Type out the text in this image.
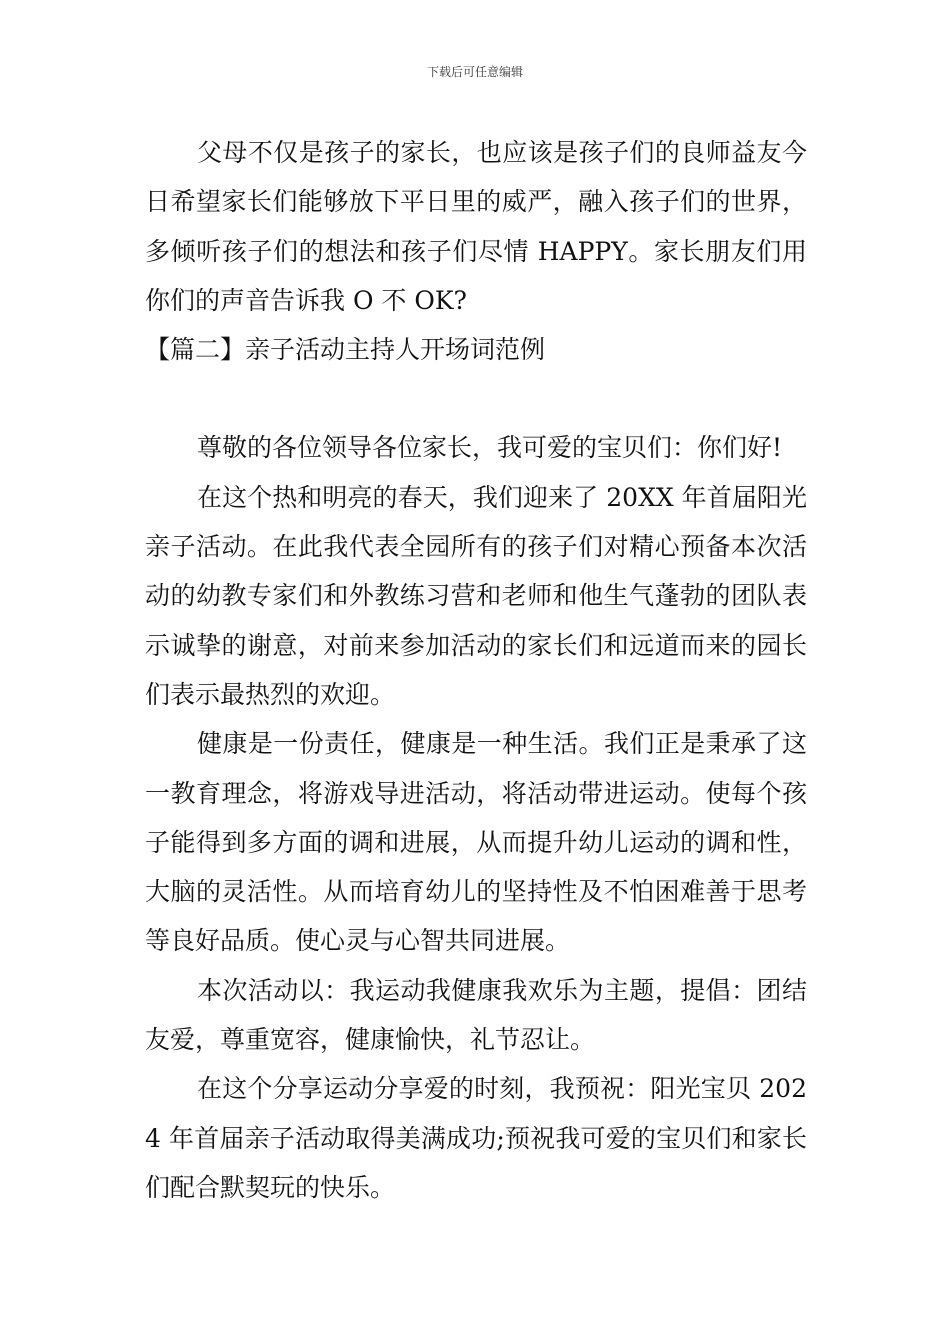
下载后可任意编辑

父母不仅是孩子的家长，也应该是孩子们的良师益友今日希望家长们能够放下平日里的威严，融入孩子们的世界，多倾听孩子们的想法和孩子们尽情 HAPPY。家长朋友们用你们的声音告诉我 O 不 OK?

【篇二】亲子活动主持人开场词范例

尊敬的各位领导各位家长，我可爱的宝贝们：你们好!

在这个热和明亮的春天，我们迎来了 20XX 年首届阳光亲子活动。在此我代表全园所有的孩子们对精心预备本次活动的幼教专家们和外教练习营和老师和他生气蓬勃的团队表示诚挚的谢意，对前来参加活动的家长们和远道而来的园长们表示最热烈的欢迎。

健康是一份责任，健康是一种生活。我们正是秉承了这一教育理念，将游戏导进活动，将活动带进运动。使每个孩子能得到多方面的调和进展，从而提升幼儿运动的调和性，大脑的灵活性。从而培育幼儿的坚持性及不怕困难善于思考等良好品质。使心灵与心智共同进展。

本次活动以：我运动我健康我欢乐为主题，提倡：团结友爱，尊重宽容，健康愉快，礼节忍让。

在这个分享运动分享爱的时刻，我预祝：阳光宝贝 2024 年首届亲子活动取得美满成功;预祝我可爱的宝贝们和家长们配合默契玩的快乐。
